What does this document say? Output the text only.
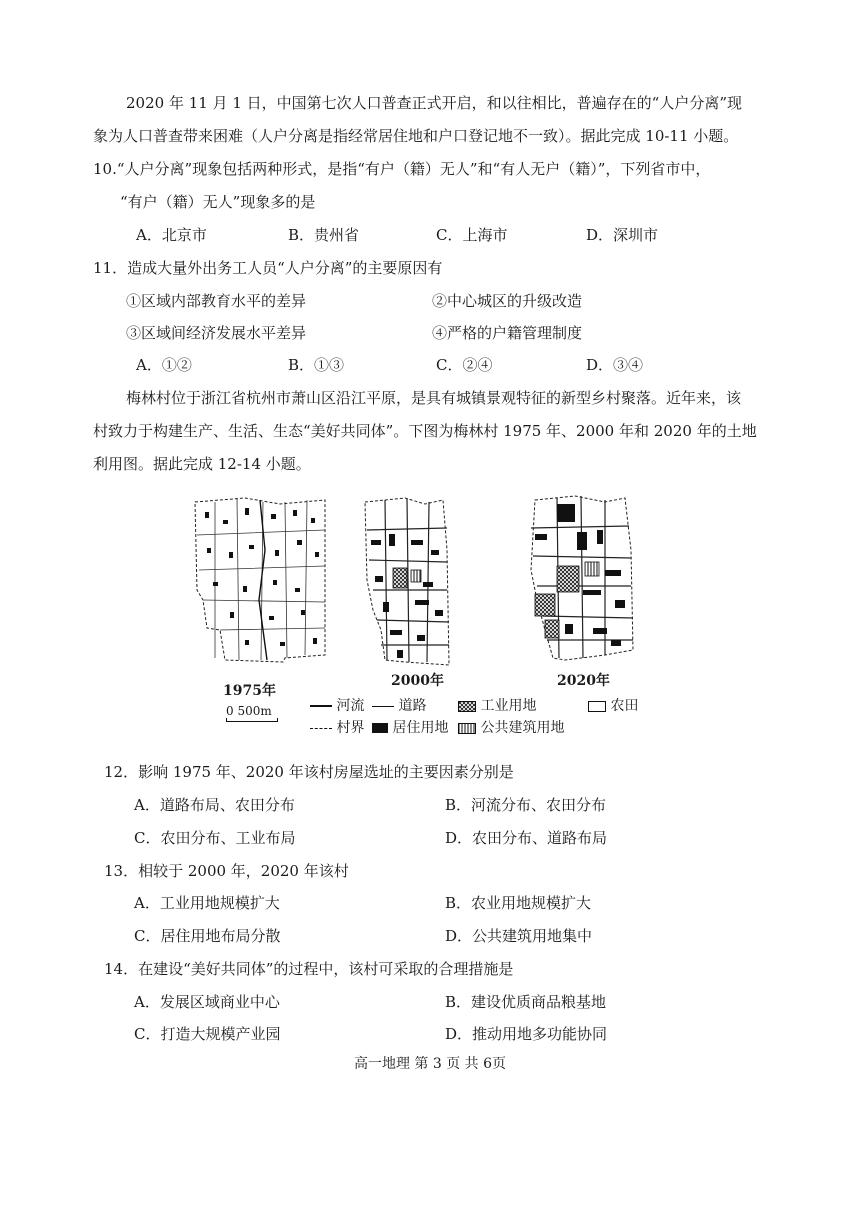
2020 年 11 月 1 日，中国第七次人口普查正式开启，和以往相比，普遍存在的“人户分离”现
象为人口普查带来困难（人户分离是指经常居住地和户口登记地不一致）。据此完成 10-11 小题。
10.“人户分离”现象包括两种形式，是指“有户（籍）无人”和“有人无户（籍）”，下列省市中，
“有户（籍）无人”现象多的是
A．北京市	B．贵州省	C．上海市	D．深圳市
11．造成大量外出务工人员“人户分离”的主要原因有
①区域内部教育水平的差异	②中心城区的升级改造
③区域间经济发展水平差异	④严格的户籍管理制度
A．①②	B．①③	C．②④	D．③④
梅林村位于浙江省杭州市萧山区沿江平原，是具有城镇景观特征的新型乡村聚落。近年来，该
村致力于构建生产、生活、生态“美好共同体”。下图为梅林村 1975 年、2000 年和 2020 年的土地
利用图。据此完成 12-14 小题。
1975年
2000年	2020年
河流	道路	工业用地	农田
0 500m
村界	居住用地	公共建筑用地
12．影响 1975 年、2020 年该村房屋选址的主要因素分别是
A．道路布局、农田分布	B．河流分布、农田分布
C．农田分布、工业布局	D．农田分布、道路布局
13．相较于 2000 年，2020 年该村
A．工业用地规模扩大	B．农业用地规模扩大
C．居住用地布局分散	D．公共建筑用地集中
14．在建设“美好共同体”的过程中，该村可采取的合理措施是
A．发展区域商业中心	B．建设优质商品粮基地
C．打造大规模产业园	D．推动用地多功能协同
高一地理 第 3 页 共 6页
